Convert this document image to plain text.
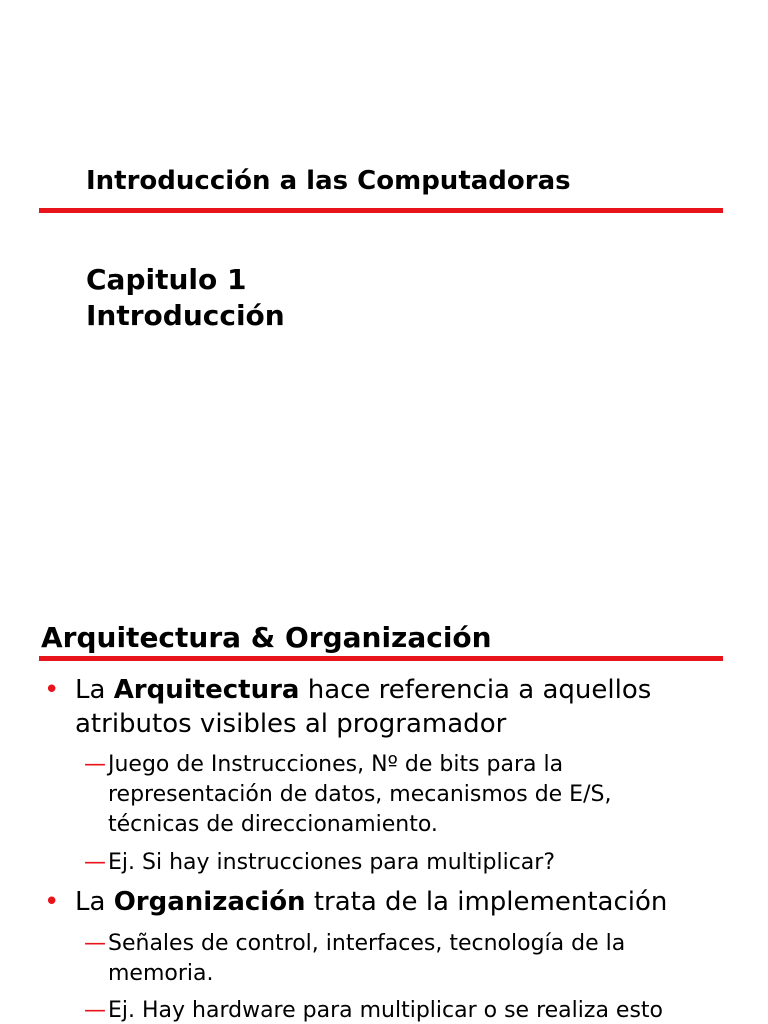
Introducción a las Computadoras
Capitulo 1
Introducción
Arquitectura & Organización
• La Arquitectura hace referencia a aquellos atributos visibles al programador
— Juego de Instrucciones, Nº de bits para la representación de datos, mecanismos de E/S, técnicas de direccionamiento.
— Ej. Si hay instrucciones para multiplicar?
• La Organización trata de la implementación
— Señales de control, interfaces, tecnología de la memoria.
— Ej. Hay hardware para multiplicar o se realiza esto
